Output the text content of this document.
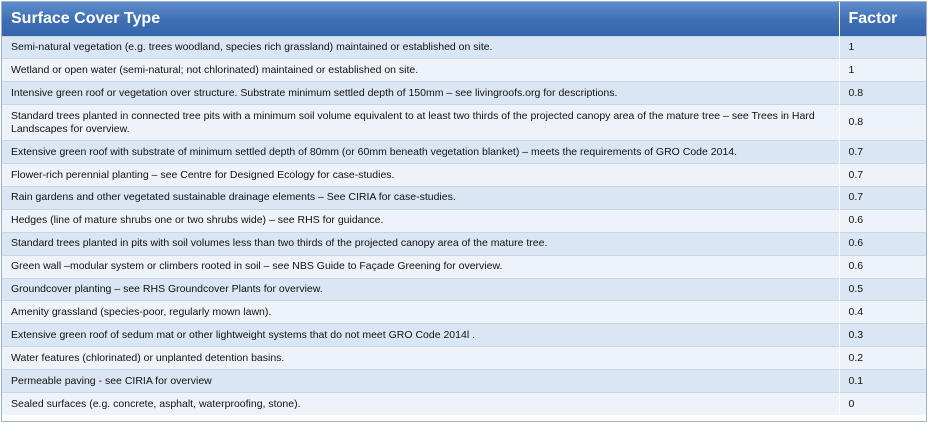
Surface Cover Type	Factor
Semi-natural vegetation (e.g. trees woodland, species rich grassland) maintained or established on site.	1
Wetland or open water (semi-natural; not chlorinated) maintained or established on site.	1
Intensive green roof or vegetation over structure. Substrate minimum settled depth of 150mm – see livingroofs.org for descriptions.	0.8
Standard trees planted in connected tree pits with a minimum soil volume equivalent to at least two thirds of the projected canopy area of the mature tree – see Trees in Hard Landscapes for overview.	0.8
Extensive green roof with substrate of minimum settled depth of 80mm (or 60mm beneath vegetation blanket) – meets the requirements of GRO Code 2014.	0.7
Flower-rich perennial planting – see Centre for Designed Ecology for case-studies.	0.7
Rain gardens and other vegetated sustainable drainage elements – See CIRIA for case-studies.	0.7
Hedges (line of mature shrubs one or two shrubs wide) – see RHS for guidance.	0.6
Standard trees planted in pits with soil volumes less than two thirds of the projected canopy area of the mature tree.	0.6
Green wall –modular system or climbers rooted in soil – see NBS Guide to Façade Greening for overview.	0.6
Groundcover planting – see RHS Groundcover Plants for overview.	0.5
Amenity grassland (species-poor, regularly mown lawn).	0.4
Extensive green roof of sedum mat or other lightweight systems that do not meet GRO Code 2014l .	0.3
Water features (chlorinated) or unplanted detention basins.	0.2
Permeable paving - see CIRIA for overview	0.1
Sealed surfaces (e.g. concrete, asphalt, waterproofing, stone).	0
